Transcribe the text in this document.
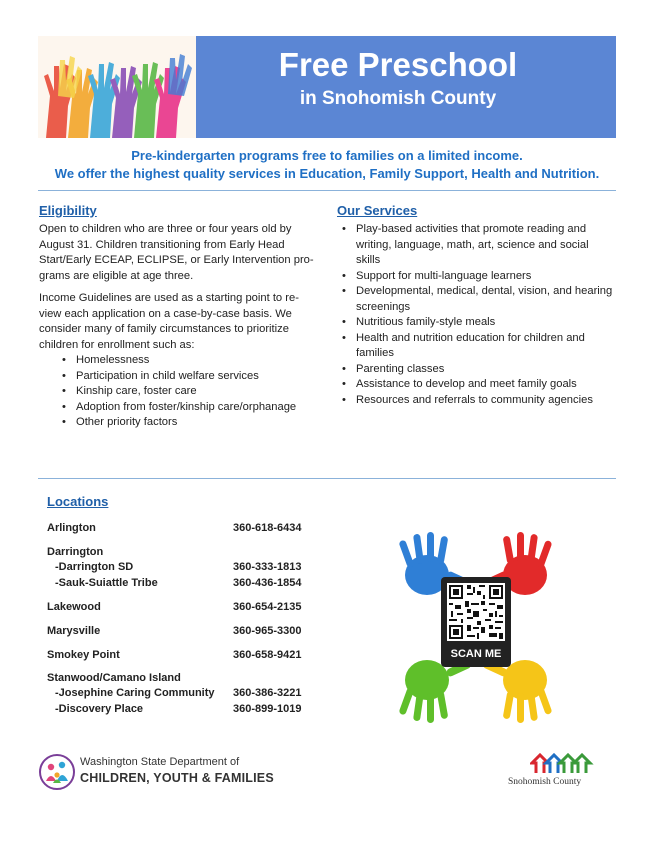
Free Preschool
in Snohomish County
Pre-kindergarten programs free to families on a limited income.
We offer the highest quality services in Education, Family Support, Health and Nutrition.
Eligibility
Open to children who are three or four years old by
August 31. Children transitioning from Early Head
Start/Early ECEAP, ECLIPSE, or Early Intervention pro-
grams are eligible at age three.
Income Guidelines are used as a starting point to re-
view each application on a case-by-case basis. We
consider many of family circumstances to prioritize
children for enrollment such as:
• Homelessness
• Participation in child welfare services
• Kinship care, foster care
• Adoption from foster/kinship care/orphanage
• Other priority factors
Our Services
• Play-based activities that promote reading and writing, language, math, art, science and social skills
• Support for multi-language learners
• Developmental, medical, dental, vision, and hearing screenings
• Nutritious family-style meals
• Health and nutrition education for children and families
• Parenting classes
• Assistance to develop and meet family goals
• Resources and referrals to community agencies
Locations
Arlington	360-618-6434
Darrington
-Darrington SD	360-333-1813
-Sauk-Suiattle Tribe	360-436-1854
Lakewood	360-654-2135
Marysville	360-965-3300
Smokey Point	360-658-9421
Stanwood/Camano Island
-Josephine Caring Community 360-386-3221
-Discovery Place	360-899-1019
SCAN ME
Washington State Department of
CHILDREN, YOUTH & FAMILIES	Snohomish County
